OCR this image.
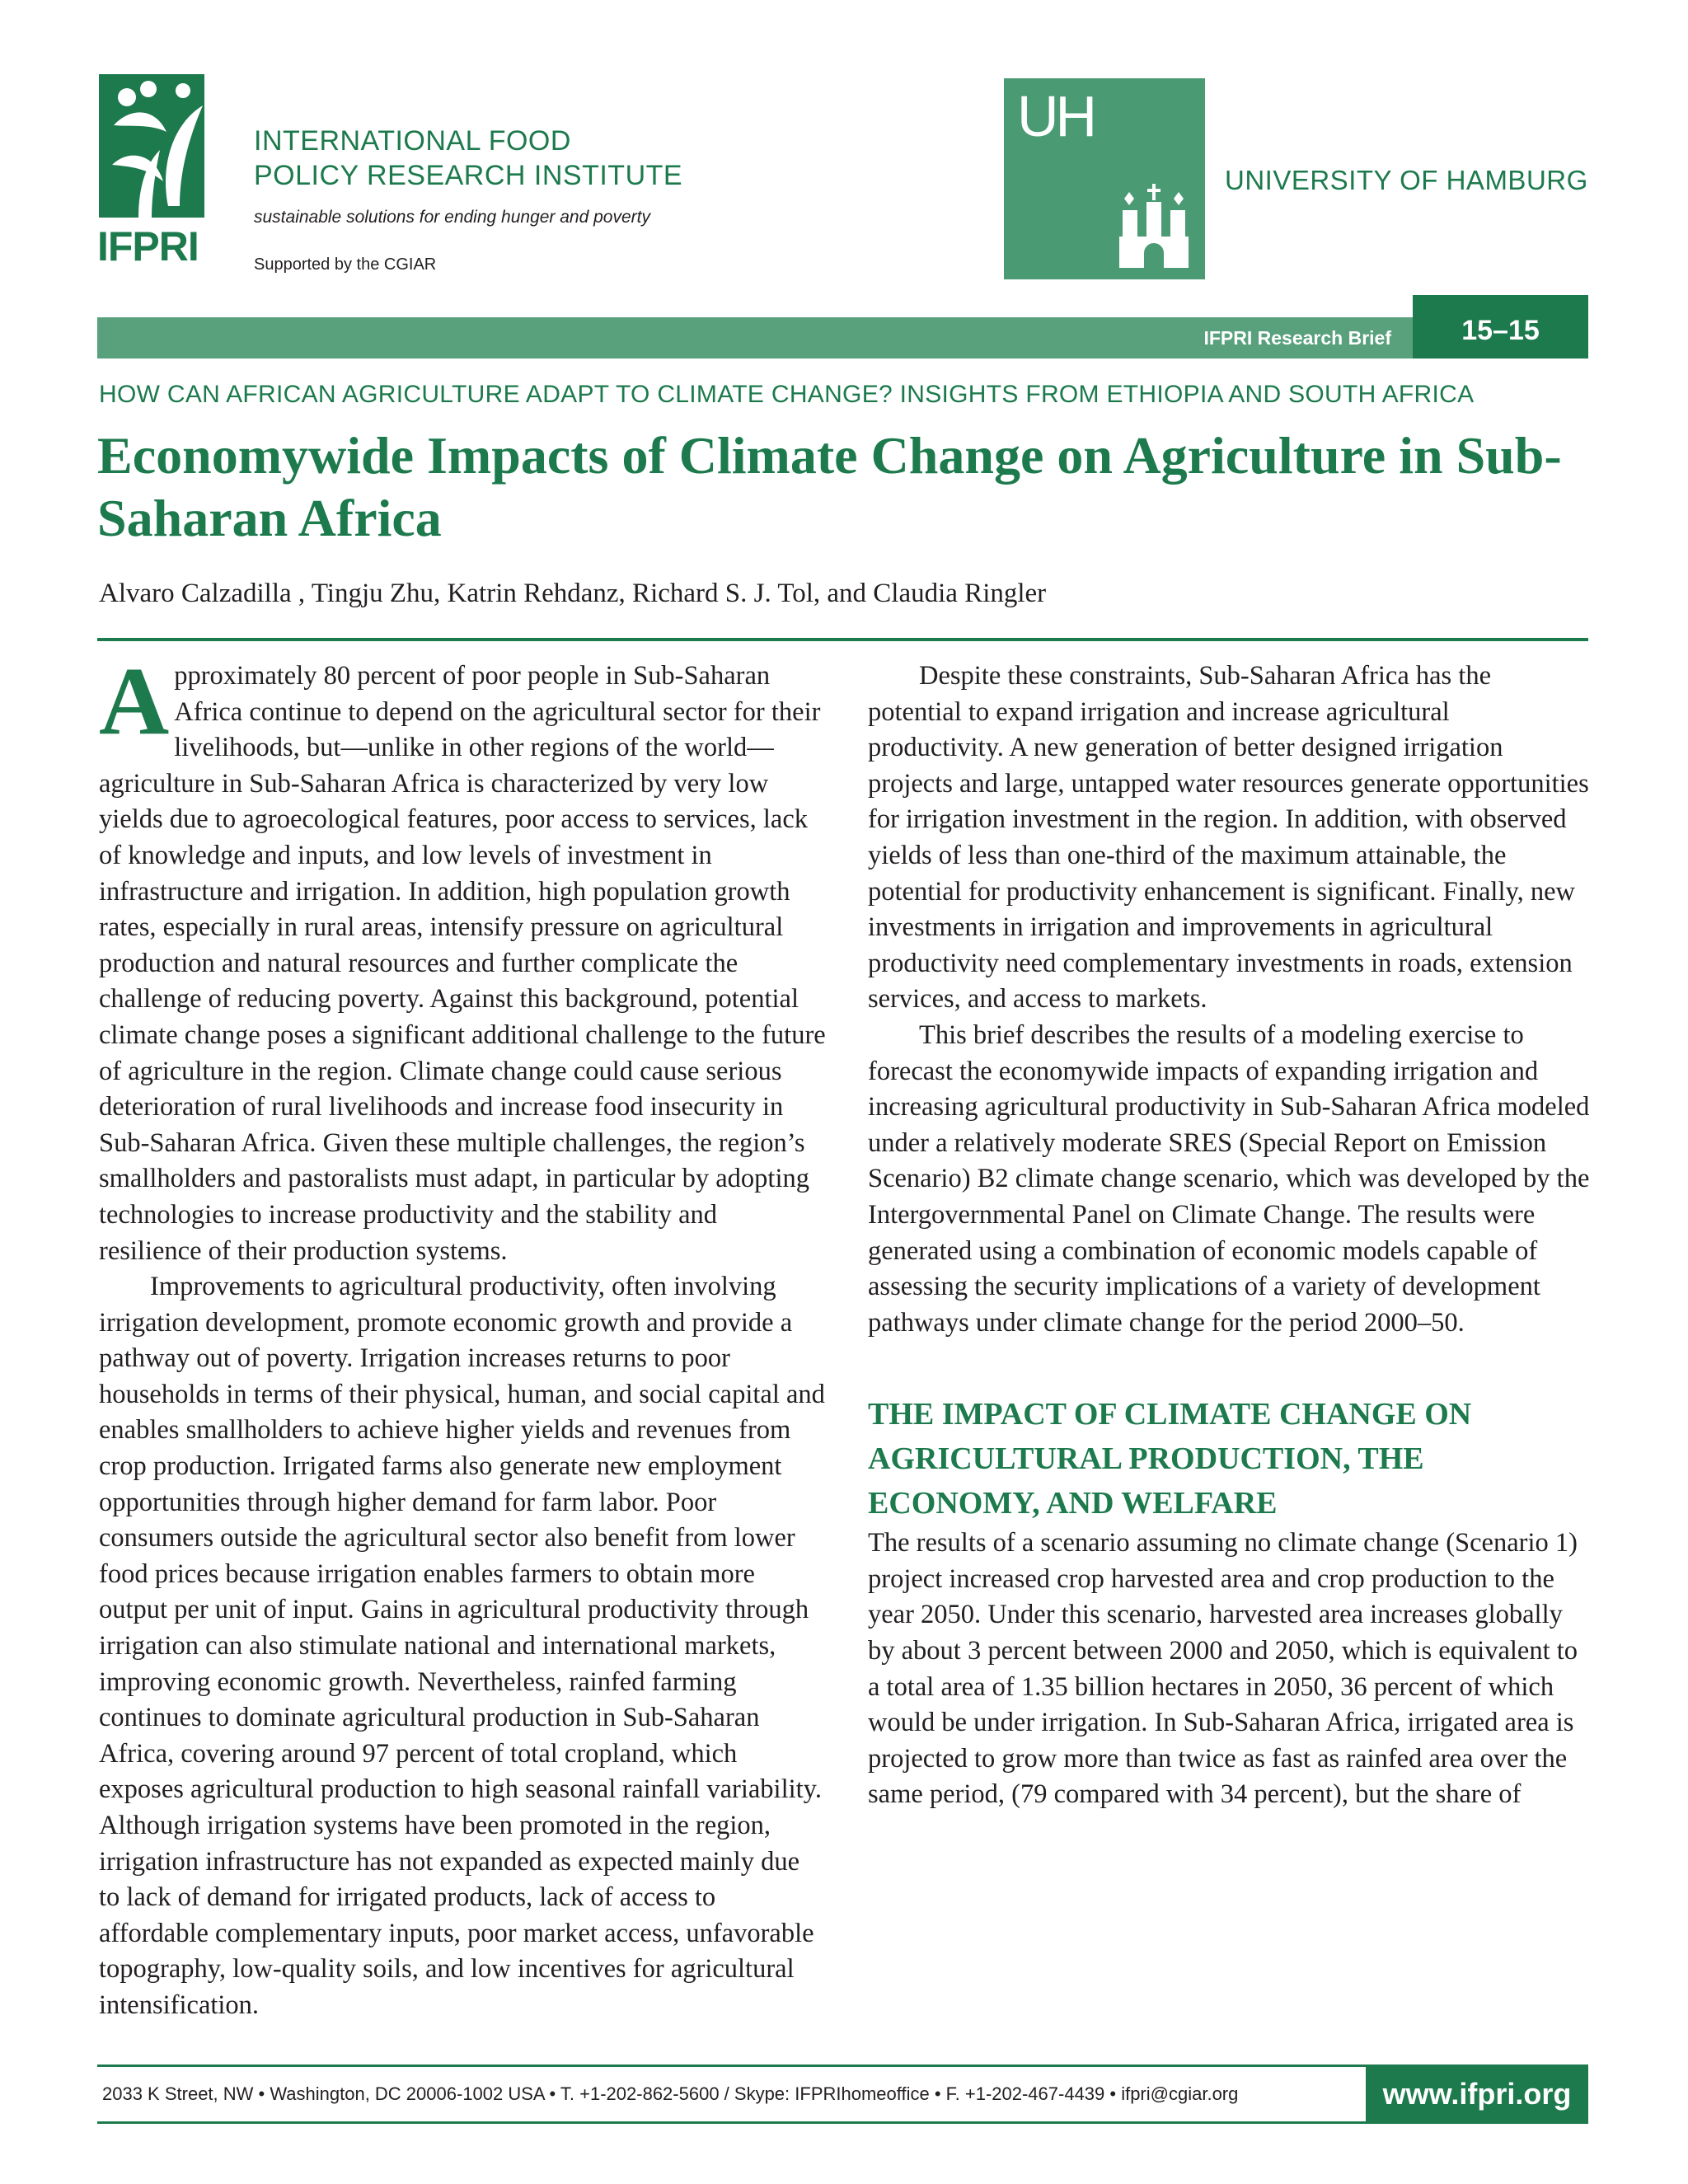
IFPRI
INTERNATIONAL FOOD
POLICY RESEARCH INSTITUTE
sustainable solutions for ending hunger and poverty
Supported by the CGIAR
UH
UNIVERSITY OF HAMBURG
IFPRI Research Brief	15–15
HOW CAN AFRICAN AGRICULTURE ADAPT TO CLIMATE CHANGE? INSIGHTS FROM ETHIOPIA AND SOUTH AFRICA
Economywide Impacts of Climate Change on Agriculture in Sub-Saharan Africa
Alvaro Calzadilla , Tingju Zhu, Katrin Rehdanz, Richard S. J. Tol, and Claudia Ringler

Approximately 80 percent of poor people in Sub-Saharan Africa continue to depend on the agricultural sector for their livelihoods, but—unlike in other regions of the world—agriculture in Sub-Saharan Africa is characterized by very low yields due to agroecological features, poor access to services, lack of knowledge and inputs, and low levels of investment in infrastructure and irrigation. In addition, high population growth rates, especially in rural areas, intensify pressure on agricultural production and natural resources and further complicate the challenge of reducing poverty. Against this background, potential climate change poses a significant additional challenge to the future of agriculture in the region. Climate change could cause serious deterioration of rural livelihoods and increase food insecurity in Sub-Saharan Africa. Given these multiple challenges, the region’s smallholders and pastoralists must adapt, in particular by adopting technologies to increase productivity and the stability and resilience of their production systems.

Improvements to agricultural productivity, often involving irrigation development, promote economic growth and provide a pathway out of poverty. Irrigation increases returns to poor households in terms of their physical, human, and social capital and enables smallholders to achieve higher yields and revenues from crop production. Irrigated farms also generate new employment opportunities through higher demand for farm labor. Poor consumers outside the agricultural sector also benefit from lower food prices because irrigation enables farmers to obtain more output per unit of input. Gains in agricultural productivity through irrigation can also stimulate national and international markets, improving economic growth. Nevertheless, rainfed farming continues to dominate agricultural production in Sub-Saharan Africa, covering around 97 percent of total cropland, which exposes agricultural production to high seasonal rainfall variability. Although irrigation systems have been promoted in the region, irrigation infrastructure has not expanded as expected mainly due to lack of demand for irrigated products, lack of access to affordable complementary inputs, poor market access, unfavorable topography, low-quality soils, and low incentives for agricultural intensification.

Despite these constraints, Sub-Saharan Africa has the potential to expand irrigation and increase agricultural productivity. A new generation of better designed irrigation projects and large, untapped water resources generate opportunities for irrigation investment in the region. In addition, with observed yields of less than one-third of the maximum attainable, the potential for productivity enhancement is significant. Finally, new investments in irrigation and improvements in agricultural productivity need complementary investments in roads, extension services, and access to markets.

This brief describes the results of a modeling exercise to forecast the economywide impacts of expanding irrigation and increasing agricultural productivity in Sub-Saharan Africa modeled under a relatively moderate SRES (Special Report on Emission Scenario) B2 climate change scenario, which was developed by the Intergovernmental Panel on Climate Change. The results were generated using a combination of economic models capable of assessing the security implications of a variety of development pathways under climate change for the period 2000–50.

THE IMPACT OF CLIMATE CHANGE ON AGRICULTURAL PRODUCTION, THE ECONOMY, AND WELFARE

The results of a scenario assuming no climate change (Scenario 1) project increased crop harvested area and crop production to the year 2050. Under this scenario, harvested area increases globally by about 3 percent between 2000 and 2050, which is equivalent to a total area of 1.35 billion hectares in 2050, 36 percent of which would be under irrigation. In Sub-Saharan Africa, irrigated area is projected to grow more than twice as fast as rainfed area over the same period, (79 compared with 34 percent), but the share of

2033 K Street, NW • Washington, DC 20006-1002 USA • T. +1-202-862-5600 / Skype: IFPRIhomeoffice • F. +1-202-467-4439 • ifpri@cgiar.org	www.ifpri.org
